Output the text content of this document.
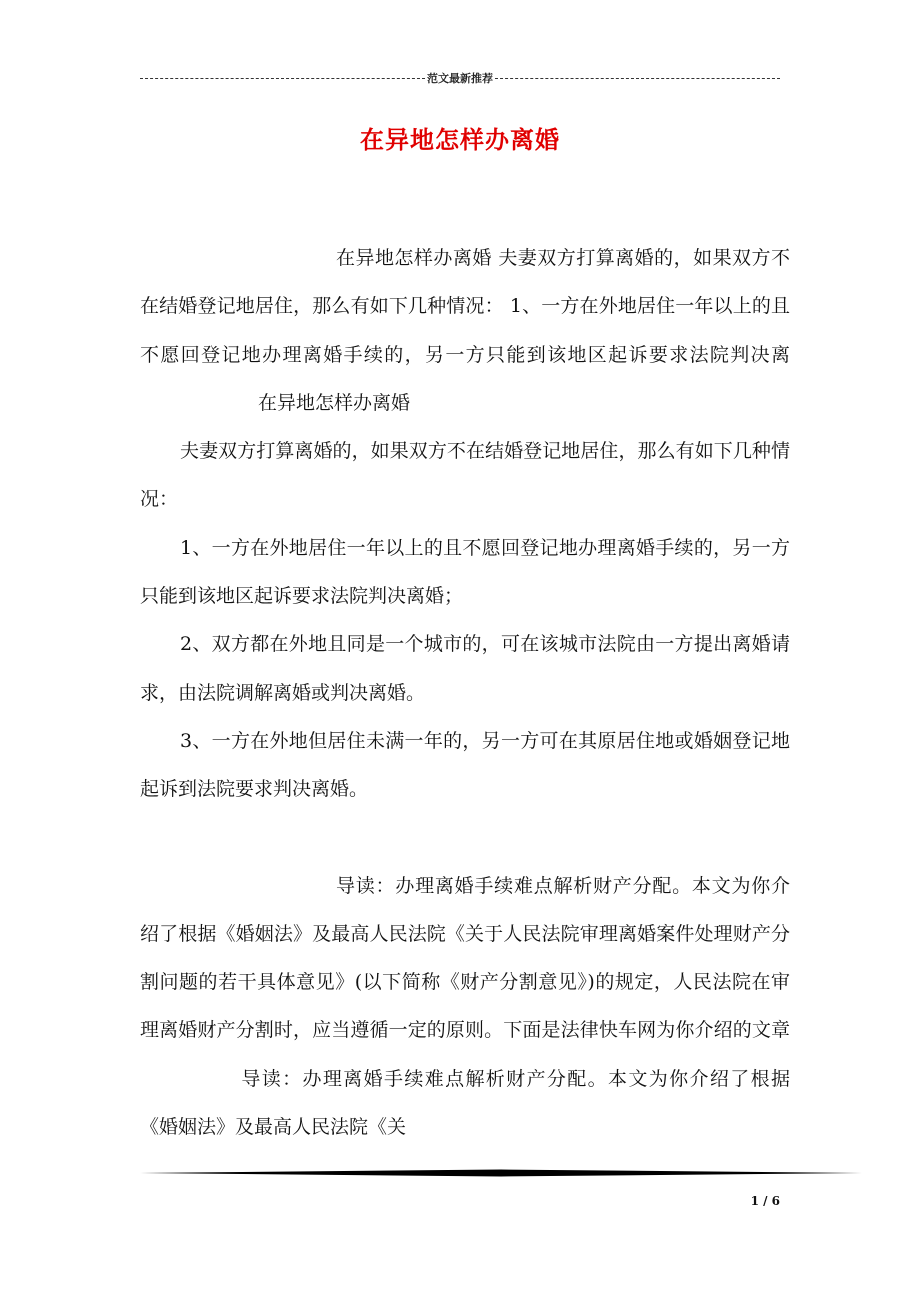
范文最新推荐
在异地怎样办离婚

在异地怎样办离婚 夫妻双方打算离婚的，如果双方不在结婚登记地居住，那么有如下几种情况： 1、一方在外地居住一年以上的且不愿回登记地办理离婚手续的，另一方只能到该地区起诉要求法院判决离在异地怎样办离婚

夫妻双方打算离婚的，如果双方不在结婚登记地居住，那么有如下几种情况：

1、一方在外地居住一年以上的且不愿回登记地办理离婚手续的，另一方只能到该地区起诉要求法院判决离婚；

2、双方都在外地且同是一个城市的，可在该城市法院由一方提出离婚请求，由法院调解离婚或判决离婚。

3、一方在外地但居住未满一年的，另一方可在其原居住地或婚姻登记地起诉到法院要求判决离婚。

导读：办理离婚手续难点解析财产分配。本文为你介绍了根据《婚姻法》及最高人民法院《关于人民法院审理离婚案件处理财产分割问题的若干具体意见》(以下简称《财产分割意见》)的规定，人民法院在审理离婚财产分割时，应当遵循一定的原则。下面是法律快车网为你介绍的文章导读：办理离婚手续难点解析财产分配。本文为你介绍了根据《婚姻法》及最高人民法院《关

1 / 6
